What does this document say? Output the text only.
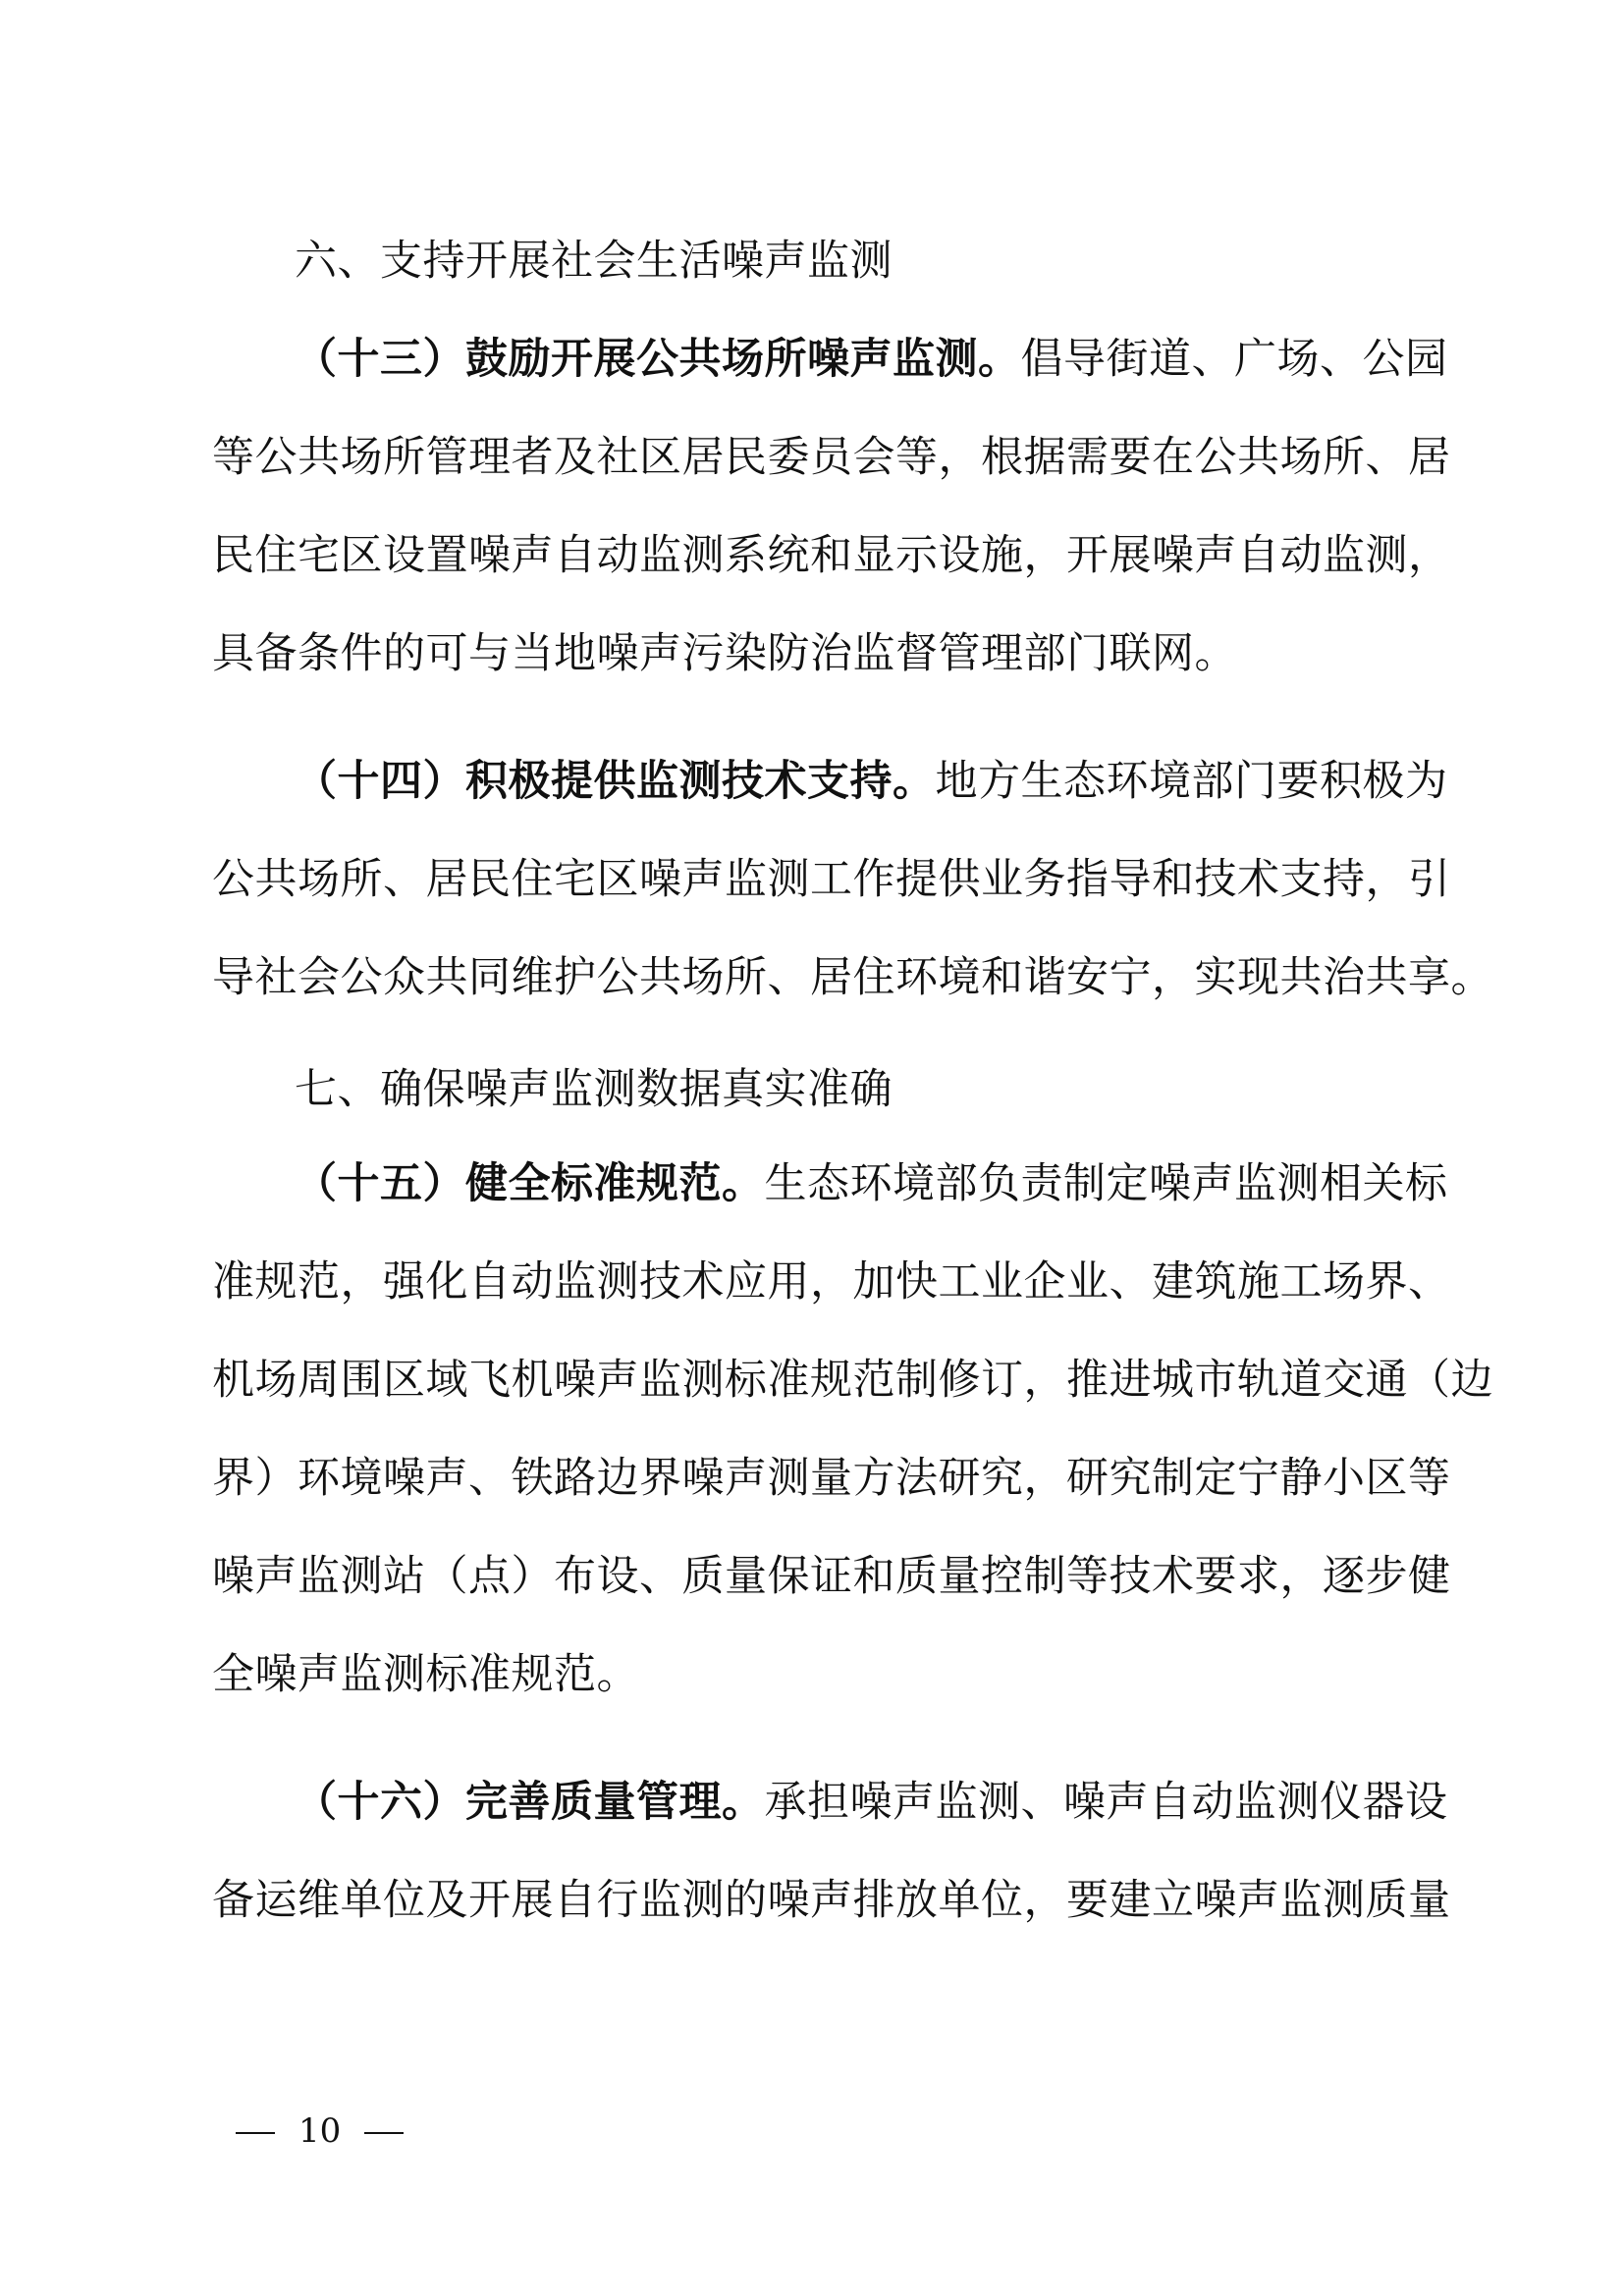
六、支持开展社会生活噪声监测
（十三）鼓励开展公共场所噪声监测。倡导街道、广场、公园
等公共场所管理者及社区居民委员会等，根据需要在公共场所、居
民住宅区设置噪声自动监测系统和显示设施，开展噪声自动监测，
具备条件的可与当地噪声污染防治监督管理部门联网。
（十四）积极提供监测技术支持。地方生态环境部门要积极为
公共场所、居民住宅区噪声监测工作提供业务指导和技术支持，引
导社会公众共同维护公共场所、居住环境和谐安宁，实现共治共享。
七、确保噪声监测数据真实准确
（十五）健全标准规范。生态环境部负责制定噪声监测相关标
准规范，强化自动监测技术应用，加快工业企业、建筑施工场界、
机场周围区域飞机噪声监测标准规范制修订，推进城市轨道交通（边
界）环境噪声、铁路边界噪声测量方法研究，研究制定宁静小区等
噪声监测站（点）布设、质量保证和质量控制等技术要求，逐步健
全噪声监测标准规范。
（十六）完善质量管理。承担噪声监测、噪声自动监测仪器设
备运维单位及开展自行监测的噪声排放单位，要建立噪声监测质量
10
